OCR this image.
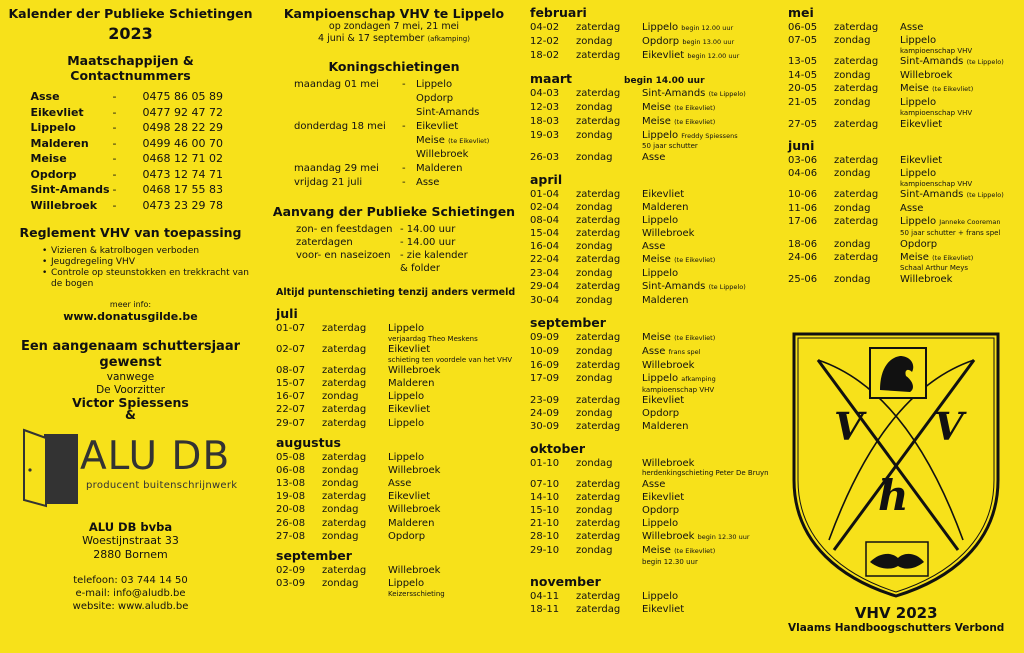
Kalender der Publieke Schietingen
2023
Maatschappijen & Contactnummers
Asse	-	0475 86 05 89
Eikevliet	-	0477 92 47 72
Lippelo	-	0498 28 22 29
Malderen	-	0499 46 00 70
Meise	-	0468 12 71 02
Opdorp	-	0473 12 74 71
Sint-Amands -	0468 17 55 83
Willebroek	-	0473 23 29 78
Reglement VHV van toepassing
• Vizieren & katrolbogen verboden
• Jeugdregeling VHV
• Controle op steunstokken en trekkracht van de bogen
meer info:
www.donatusgilde.be
Een aangenaam schuttersjaar
gewenst
vanwege
De Voorzitter
Victor Spiessens
&
ALU DB
producent buitenschrijnwerk
ALU DB bvba
Woestijnstraat 33
2880 Bornem
telefoon: 03 744 14 50
e-mail: info@aludb.be
website: www.aludb.be
Kampioenschap VHV te Lippelo
op zondagen 7 mei, 21 mei
4 juni & 17 september (afkamping)
Koningschietingen
maandag 01 mei	-	Lippelo
Opdorp
Sint-Amands
donderdag 18 mei	-	Eikevliet
Meise (te Eikevliet)
Willebroek
maandag 29 mei	-	Malderen
vrijdag 21 juli	-	Asse
Aanvang der Publieke Schietingen
zon- en feestdagen - 14.00 uur
zaterdagen	- 14.00 uur
voor- en naseizoen - zie kalender
& folder
Altijd puntenschieting tenzij anders vermeld
juli
01-07	zaterdag	Lippelo
verjaardag Theo Meskens
02-07	zaterdag	Eikevliet
schieting ten voordele van het VHV
08-07	zaterdag	Willebroek
15-07	zaterdag	Malderen
16-07	zondag	Lippelo
22-07	zaterdag	Eikevliet
29-07	zaterdag	Lippelo
augustus
05-08	zaterdag	Lippelo
06-08	zondag	Willebroek
13-08	zondag	Asse
19-08	zaterdag	Eikevliet
20-08	zondag	Willebroek
26-08	zaterdag	Malderen
27-08	zondag	Opdorp
september
02-09	zaterdag	Willebroek
03-09	zondag	Lippelo
Keizersschieting
februari
04-02	zaterdag	Lippelo begin 12.00 uur
12-02	zondag	Opdorp begin 13.00 uur
18-02	zaterdag	Eikevliet begin 12.00 uur
maart	begin 14.00 uur
04-03	zaterdag	Sint-Amands (te Lippelo)
12-03	zondag	Meise (te Eikevliet)
18-03	zaterdag	Meise (te Eikevliet)
19-03	zondag	Lippelo Freddy Spiessens
50 jaar schutter
26-03	zondag	Asse
april
01-04	zaterdag	Eikevliet
02-04	zondag	Malderen
08-04	zaterdag	Lippelo
15-04	zaterdag	Willebroek
16-04	zondag	Asse
22-04	zaterdag	Meise (te Eikevliet)
23-04	zondag	Lippelo
29-04	zaterdag	Sint-Amands (te Lippelo)
30-04	zondag	Malderen
september
09-09	zaterdag	Meise (te Eikevliet)
10-09	zondag	Asse frans spel
16-09	zaterdag	Willebroek
17-09	zondag	Lippelo afkamping
kampioenschap VHV
23-09	zaterdag	Eikevliet
24-09	zondag	Opdorp
30-09	zaterdag	Malderen
oktober
01-10	zondag	Willebroek
herdenkingschieting Peter De Bruyn
07-10	zaterdag	Asse
14-10	zaterdag	Eikevliet
15-10	zondag	Opdorp
21-10	zaterdag	Lippelo
28-10	zaterdag	Willebroek begin 12.30 uur
29-10	zondag	Meise (te Eikevliet)
begin 12.30 uur
november
04-11	zaterdag	Lippelo
18-11	zaterdag	Eikevliet
mei
06-05	zaterdag	Asse
07-05	zondag	Lippelo
kampioenschap VHV
13-05	zaterdag	Sint-Amands (te Lippelo)
14-05	zondag	Willebroek
20-05	zaterdag	Meise (te Eikevliet)
21-05	zondag	Lippelo
kampioenschap VHV
27-05	zaterdag	Eikevliet
juni
03-06	zaterdag	Eikevliet
04-06	zondag	Lippelo
kampioenschap VHV
10-06	zaterdag	Sint-Amands (te Lippelo)
11-06	zondag	Asse
17-06	zaterdag	Lippelo Janneke Cooreman
50 jaar schutter + frans spel
18-06	zondag	Opdorp
24-06	zaterdag	Meise (te Eikevliet)
Schaal Arthur Meys
25-06	zondag	Willebroek
V V
h
VHV 2023
Vlaams Handboogschutters Verbond
